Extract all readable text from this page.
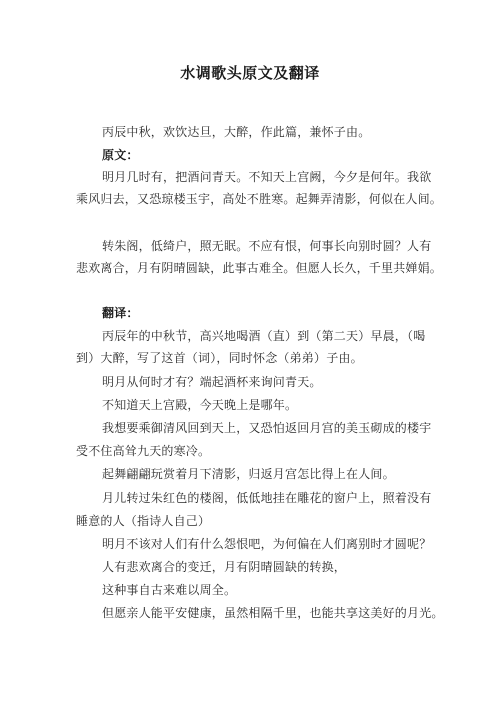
水调歌头原文及翻译
丙辰中秋，欢饮达旦，大醉，作此篇，兼怀子由。
原文：
明月几时有，把酒问青天。不知天上宫阙，今夕是何年。我欲
乘风归去，又恐琼楼玉宇，高处不胜寒。起舞弄清影，何似在人间。
转朱阁，低绮户，照无眠。不应有恨，何事长向别时圆？人有
悲欢离合，月有阴晴圆缺，此事古难全。但愿人长久，千里共婵娟。
翻译：
丙辰年的中秋节，高兴地喝酒（直）到（第二天）早晨，（喝
到）大醉，写了这首（词），同时怀念（弟弟）子由。
明月从何时才有？端起酒杯来询问青天。
不知道天上宫殿，今天晚上是哪年。
我想要乘御清风回到天上，又恐怕返回月宫的美玉砌成的楼宇
受不住高耸九天的寒冷。
起舞翩翩玩赏着月下清影，归返月宫怎比得上在人间。
月儿转过朱红色的楼阁，低低地挂在雕花的窗户上，照着没有
睡意的人（指诗人自己）
明月不该对人们有什么怨恨吧，为何偏在人们离别时才圆呢？
人有悲欢离合的变迁，月有阴晴圆缺的转换，
这种事自古来难以周全。
但愿亲人能平安健康，虽然相隔千里，也能共享这美好的月光。
